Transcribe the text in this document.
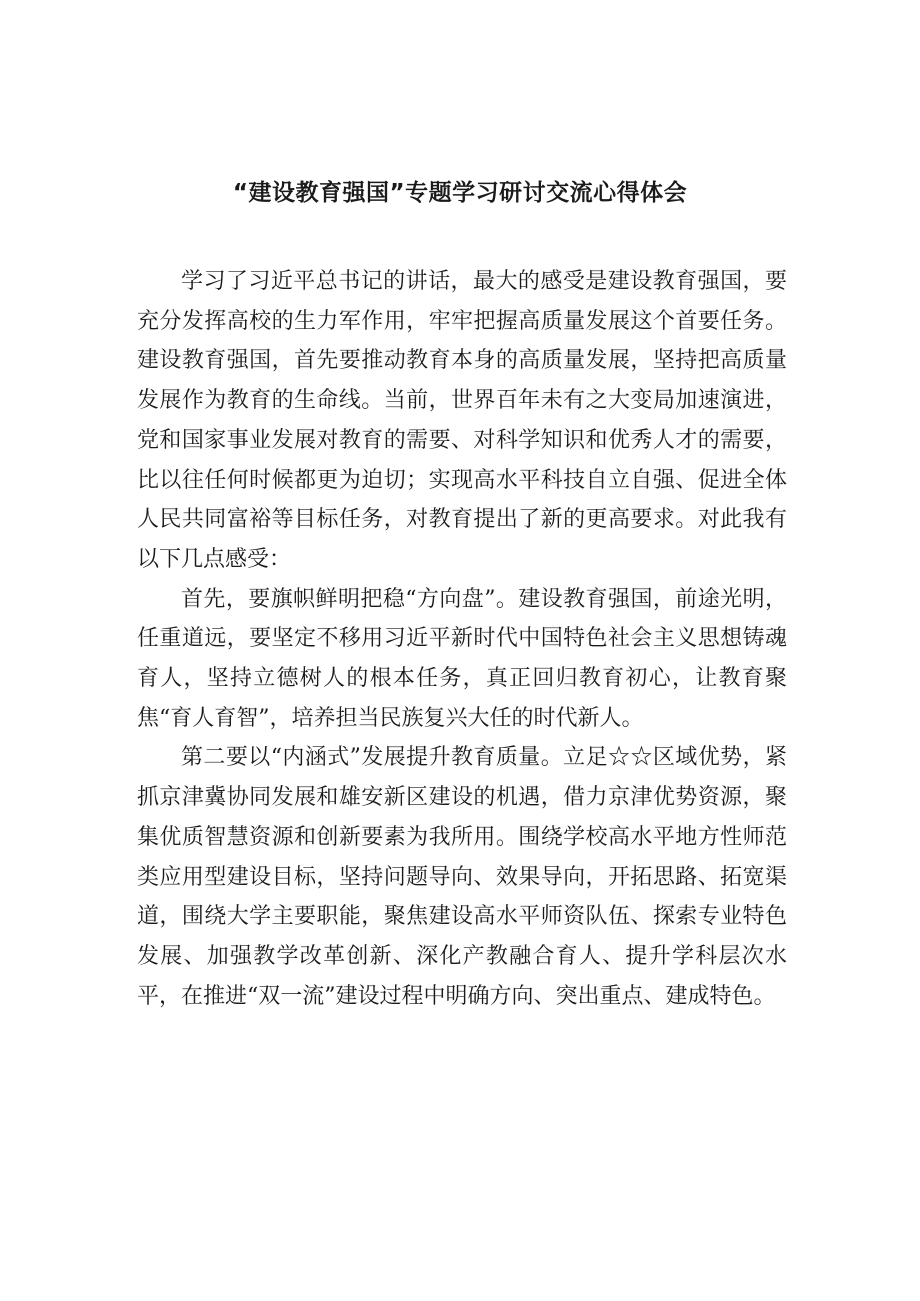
“建设教育强国”专题学习研讨交流心得体会

学习了习近平总书记的讲话，最大的感受是建设教育强国，要充分发挥高校的生力军作用，牢牢把握高质量发展这个首要任务。建设教育强国，首先要推动教育本身的高质量发展，坚持把高质量发展作为教育的生命线。当前，世界百年未有之大变局加速演进，党和国家事业发展对教育的需要、对科学知识和优秀人才的需要，比以往任何时候都更为迫切；实现高水平科技自立自强、促进全体人民共同富裕等目标任务，对教育提出了新的更高要求。对此我有以下几点感受：

首先，要旗帜鲜明把稳“方向盘”。建设教育强国，前途光明，任重道远，要坚定不移用习近平新时代中国特色社会主义思想铸魂育人，坚持立德树人的根本任务，真正回归教育初心，让教育聚焦“育人育智”，培养担当民族复兴大任的时代新人。

第二要以“内涵式”发展提升教育质量。立足☆☆区域优势，紧抓京津冀协同发展和雄安新区建设的机遇，借力京津优势资源，聚集优质智慧资源和创新要素为我所用。围绕学校高水平地方性师范类应用型建设目标，坚持问题导向、效果导向，开拓思路、拓宽渠道，围绕大学主要职能，聚焦建设高水平师资队伍、探索专业特色发展、加强教学改革创新、深化产教融合育人、提升学科层次水平，在推进“双一流”建设过程中明确方向、突出重点、建成特色。
